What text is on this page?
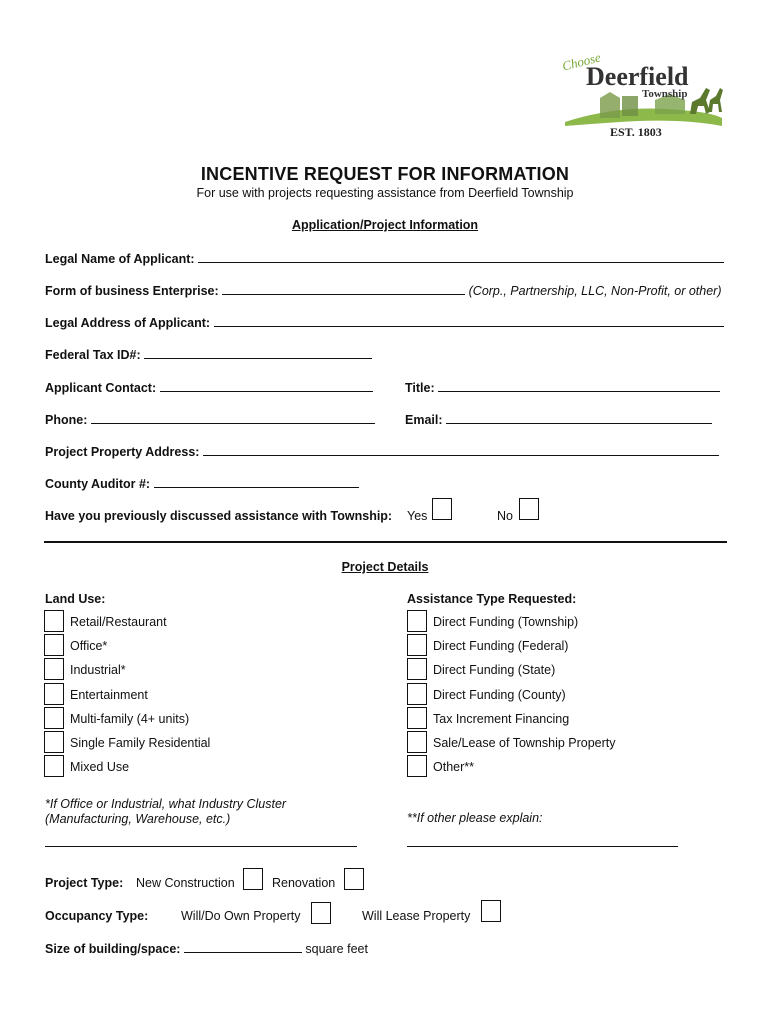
Choose
Deerfield
Township
EST. 1803
INCENTIVE REQUEST FOR INFORMATION
For use with projects requesting assistance from Deerfield Township
Application/Project Information
Legal Name of Applicant:
Form of business Enterprise:	(Corp., Partnership, LLC, Non-Profit, or other)
Legal Address of Applicant:
Federal Tax ID#:
Applicant Contact:	Title:
Phone:	Email:
Project Property Address:
County Auditor #:
Have you previously discussed assistance with Township: Yes	No
Project Details
Land Use:
Retail/Restaurant
Office*
Industrial*
Entertainment
Multi-family (4+ units)
Single Family Residential
Mixed Use
Assistance Type Requested:
Direct Funding (Township)
Direct Funding (Federal)
Direct Funding (State)
Direct Funding (County)
Tax Increment Financing
Sale/Lease of Township Property
Other**
*If Office or Industrial, what Industry Cluster
(Manufacturing, Warehouse, etc.)	**If other please explain:
Project Type: New Construction	Renovation
Occupancy Type:	Will/Do Own Property	Will Lease Property
Size of building/space:	square feet
